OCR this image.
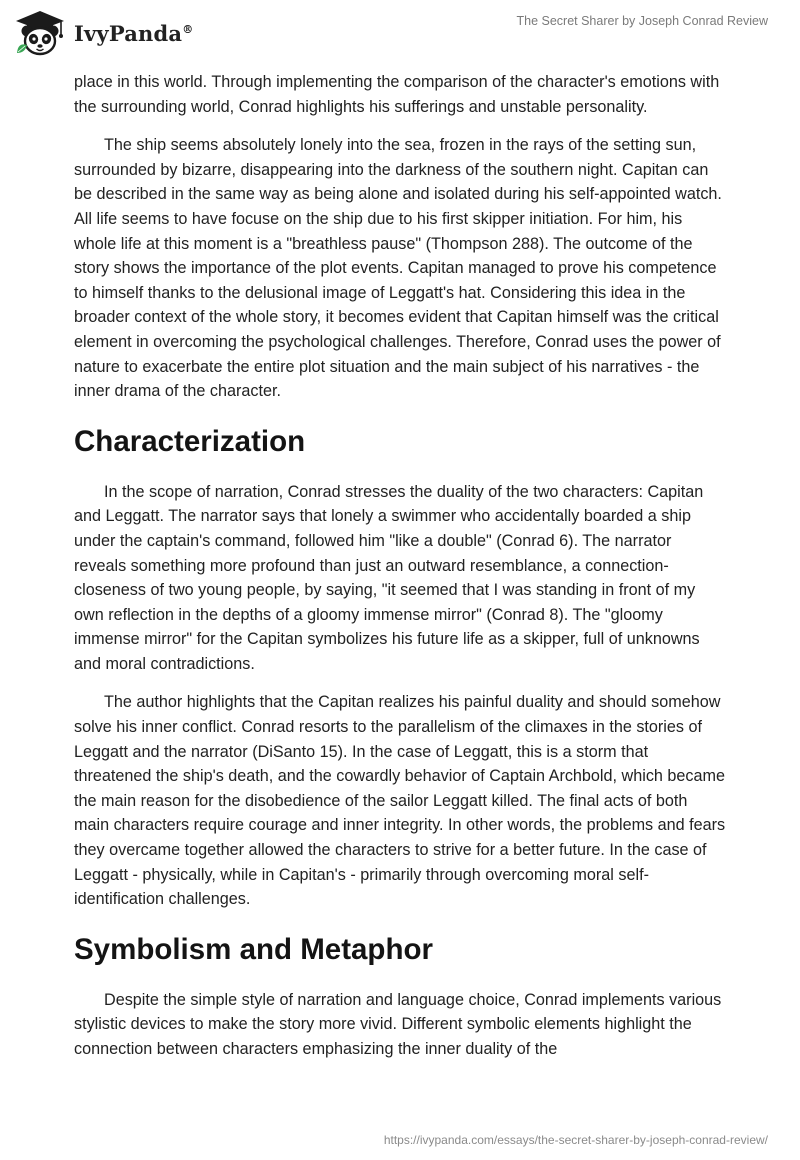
IvyPanda®
The Secret Sharer by Joseph Conrad Review

place in this world. Through implementing the comparison of the character's emotions with the surrounding world, Conrad highlights his sufferings and unstable personality.

The ship seems absolutely lonely into the sea, frozen in the rays of the setting sun, surrounded by bizarre, disappearing into the darkness of the southern night. Capitan can be described in the same way as being alone and isolated during his self-appointed watch. All life seems to have focuse on the ship due to his first skipper initiation. For him, his whole life at this moment is a "breathless pause" (Thompson 288). The outcome of the story shows the importance of the plot events. Capitan managed to prove his competence to himself thanks to the delusional image of Leggatt's hat. Considering this idea in the broader context of the whole story, it becomes evident that Capitan himself was the critical element in overcoming the psychological challenges. Therefore, Conrad uses the power of nature to exacerbate the entire plot situation and the main subject of his narratives - the inner drama of the character.

Characterization

In the scope of narration, Conrad stresses the duality of the two characters: Capitan and Leggatt. The narrator says that lonely a swimmer who accidentally boarded a ship under the captain's command, followed him "like a double" (Conrad 6). The narrator reveals something more profound than just an outward resemblance, a connection-closeness of two young people, by saying, "it seemed that I was standing in front of my own reflection in the depths of a gloomy immense mirror" (Conrad 8). The "gloomy immense mirror" for the Capitan symbolizes his future life as a skipper, full of unknowns and moral contradictions.

The author highlights that the Capitan realizes his painful duality and should somehow solve his inner conflict. Conrad resorts to the parallelism of the climaxes in the stories of Leggatt and the narrator (DiSanto 15). In the case of Leggatt, this is a storm that threatened the ship's death, and the cowardly behavior of Captain Archbold, which became the main reason for the disobedience of the sailor Leggatt killed. The final acts of both main characters require courage and inner integrity. In other words, the problems and fears they overcame together allowed the characters to strive for a better future. In the case of Leggatt - physically, while in Capitan's - primarily through overcoming moral self-identification challenges.

Symbolism and Metaphor

Despite the simple style of narration and language choice, Conrad implements various stylistic devices to make the story more vivid. Different symbolic elements highlight the connection between characters emphasizing the inner duality of the

https://ivypanda.com/essays/the-secret-sharer-by-joseph-conrad-review/
